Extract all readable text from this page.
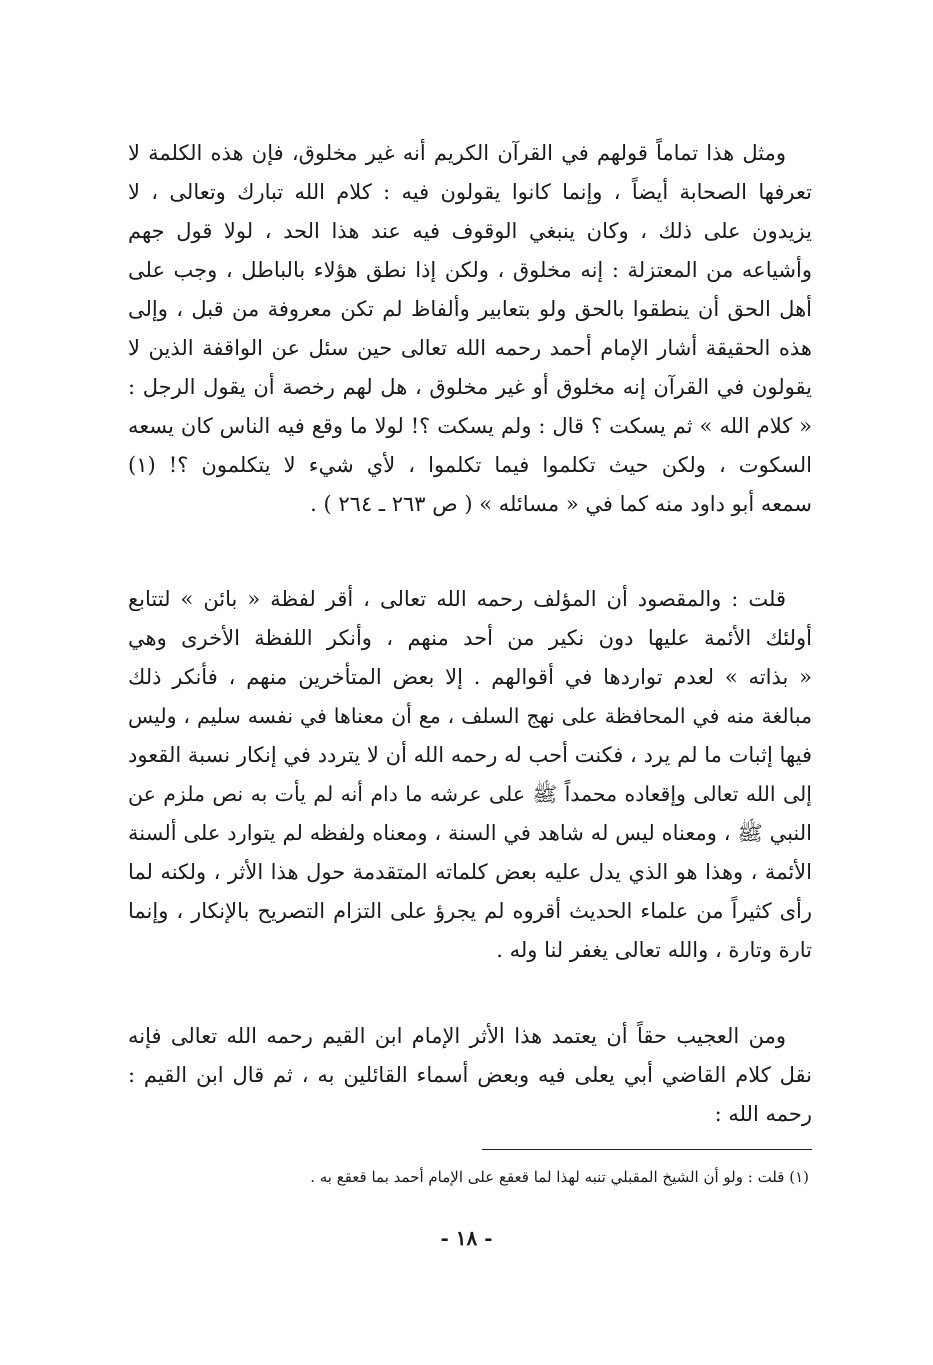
ومثل هذا تماماً قولهم في القرآن الكريم أنه غير مخلوق، فإن هذه الكلمة لا
تعرفها الصحابة أيضاً ، وإنما كانوا يقولون فيه : كلام الله تبارك وتعالى ، لا
يزيدون على ذلك ، وكان ينبغي الوقوف فيه عند هذا الحد ، لولا قول جهم
وأشياعه من المعتزلة : إنه مخلوق ، ولكن إذا نطق هؤلاء بالباطل ، وجب على
أهل الحق أن ينطقوا بالحق ولو بتعابير وألفاظ لم تكن معروفة من قبل ، وإلى
هذه الحقيقة أشار الإمام أحمد رحمه الله تعالى حين سئل عن الواقفة الذين لا
يقولون في القرآن إنه مخلوق أو غير مخلوق ، هل لهم رخصة أن يقول الرجل :
« كلام الله » ثم يسكت ؟ قال : ولم يسكت ؟! لولا ما وقع فيه الناس كان يسعه
السكوت ، ولكن حيث تكلموا فيما تكلموا ، لأي شيء لا يتكلمون ؟! (١)
سمعه أبو داود منه كما في « مسائله » ( ص ٢٦٣ ـ ٢٦٤ ) .
قلت : والمقصود أن المؤلف رحمه الله تعالى ، أقر لفظة « بائن » لتتابع
أولئك الأئمة عليها دون نكير من أحد منهم ، وأنكر اللفظة الأخرى وهي
« بذاته » لعدم تواردها في أقوالهم . إلا بعض المتأخرين منهم ، فأنكر ذلك
مبالغة منه في المحافظة على نهج السلف ، مع أن معناها في نفسه سليم ، وليس
فيها إثبات ما لم يرد ، فكنت أحب له رحمه الله أن لا يتردد في إنكار نسبة القعود
إلى الله تعالى وإقعاده محمداً ﷺ على عرشه ما دام أنه لم يأت به نص ملزم عن
النبي ﷺ ، ومعناه ليس له شاهد في السنة ، ومعناه ولفظه لم يتوارد على ألسنة
الأئمة ، وهذا هو الذي يدل عليه بعض كلماته المتقدمة حول هذا الأثر ، ولكنه لما
رأى كثيراً من علماء الحديث أقروه لم يجرؤ على التزام التصريح بالإنكار ، وإنما
تارة وتارة ، والله تعالى يغفر لنا وله .
ومن العجيب حقاً أن يعتمد هذا الأثر الإمام ابن القيم رحمه الله تعالى فإنه
نقل كلام القاضي أبي يعلى فيه وبعض أسماء القائلين به ، ثم قال ابن القيم :
رحمه الله :
(١) قلت : ولو أن الشيخ المقبلي تنبه لهذا لما قعقع على الإمام أحمد بما قعقع به .
- ١٨ -
